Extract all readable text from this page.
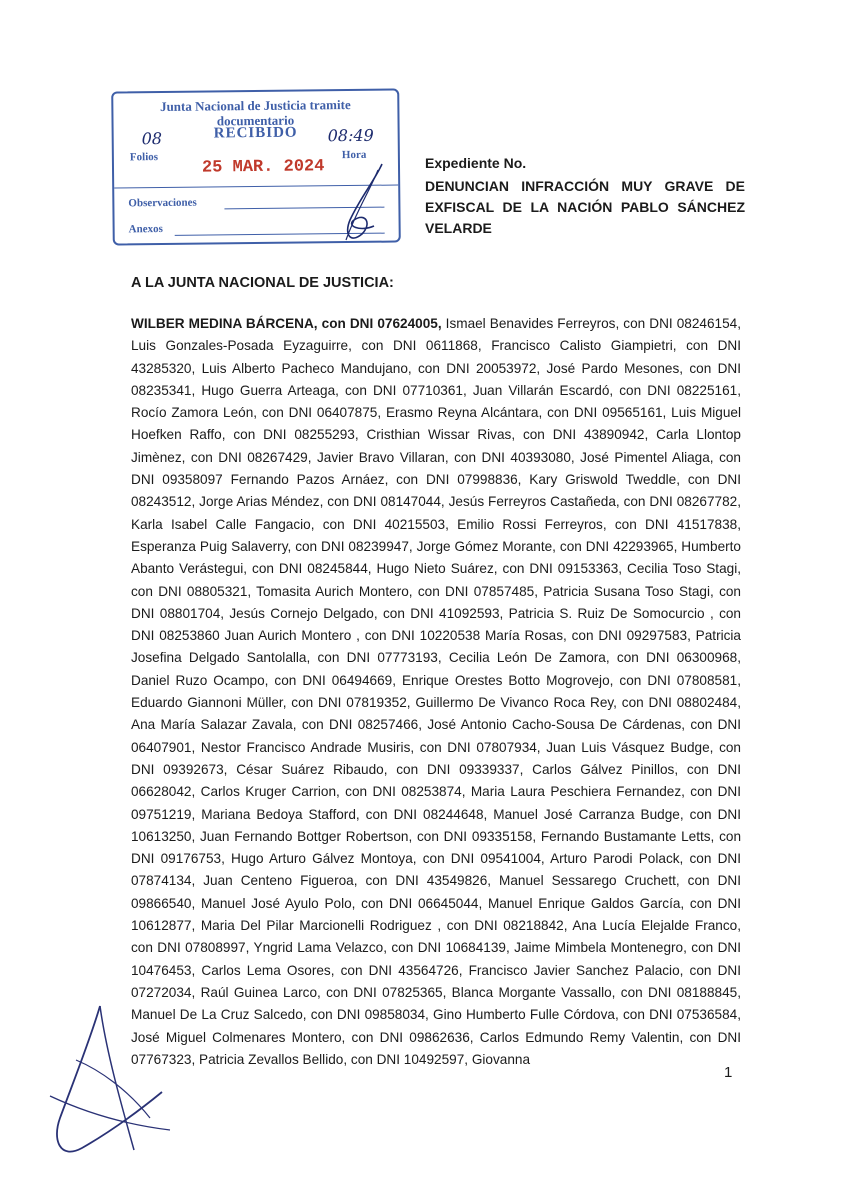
Junta Nacional de Justicia tramite
documentario
RECIBIDO
08	08:49
Folios
25 MAR. 2024
Hora
Observaciones
Anexos
Expediente No.
DENUNCIAN INFRACCIÓN MUY GRAVE DE EXFISCAL DE LA NACIÓN PABLO SÁNCHEZ VELARDE
A LA JUNTA NACIONAL DE JUSTICIA:
WILBER MEDINA BÁRCENA, con DNI 07624005, Ismael Benavides Ferreyros, con DNI 08246154, Luis Gonzales-Posada Eyzaguirre, con DNI 0611868, Francisco Calisto Giampietri, con DNI 43285320, Luis Alberto Pacheco Mandujano, con DNI 20053972, José Pardo Mesones, con DNI 08235341, Hugo Guerra Arteaga, con DNI 07710361, Juan Villarán Escardó, con DNI 08225161, Rocío Zamora León, con DNI 06407875, Erasmo Reyna Alcántara, con DNI 09565161, Luis Miguel Hoefken Raffo, con DNI 08255293, Cristhian Wissar Rivas, con DNI 43890942, Carla Llontop Jimènez, con DNI 08267429, Javier Bravo Villaran, con DNI 40393080, José Pimentel Aliaga, con DNI 09358097 Fernando Pazos Arnáez, con DNI 07998836, Kary Griswold Tweddle, con DNI 08243512, Jorge Arias Méndez, con DNI 08147044, Jesús Ferreyros Castañeda, con DNI 08267782, Karla Isabel Calle Fangacio, con DNI 40215503, Emilio Rossi Ferreyros, con DNI 41517838, Esperanza Puig Salaverry, con DNI 08239947, Jorge Gómez Morante, con DNI 42293965, Humberto Abanto Verástegui, con DNI 08245844, Hugo Nieto Suárez, con DNI 09153363, Cecilia Toso Stagi, con DNI 08805321, Tomasita Aurich Montero, con DNI 07857485, Patricia Susana Toso Stagi, con DNI 08801704, Jesús Cornejo Delgado, con DNI 41092593, Patricia S. Ruiz De Somocurcio , con DNI 08253860 Juan Aurich Montero , con DNI 10220538 María Rosas, con DNI 09297583, Patricia Josefina Delgado Santolalla, con DNI 07773193, Cecilia León De Zamora, con DNI 06300968, Daniel Ruzo Ocampo, con DNI 06494669, Enrique Orestes Botto Mogrovejo, con DNI 07808581, Eduardo Giannoni Müller, con DNI 07819352, Guillermo De Vivanco Roca Rey, con DNI 08802484, Ana María Salazar Zavala, con DNI 08257466, José Antonio Cacho-Sousa De Cárdenas, con DNI 06407901, Nestor Francisco Andrade Musiris, con DNI 07807934, Juan Luis Vásquez Budge, con DNI 09392673, César Suárez Ribaudo, con DNI 09339337, Carlos Gálvez Pinillos, con DNI 06628042, Carlos Kruger Carrion, con DNI 08253874, Maria Laura Peschiera Fernandez, con DNI 09751219, Mariana Bedoya Stafford, con DNI 08244648, Manuel José Carranza Budge, con DNI 10613250, Juan Fernando Bottger Robertson, con DNI 09335158, Fernando Bustamante Letts, con DNI 09176753, Hugo Arturo Gálvez Montoya, con DNI 09541004, Arturo Parodi Polack, con DNI 07874134, Juan Centeno Figueroa, con DNI 43549826, Manuel Sessarego Cruchett, con DNI 09866540, Manuel José Ayulo Polo, con DNI 06645044, Manuel Enrique Galdos García, con DNI 10612877, Maria Del Pilar Marcionelli Rodriguez , con DNI 08218842, Ana Lucía Elejalde Franco, con DNI 07808997, Yngrid Lama Velazco, con DNI 10684139, Jaime Mimbela Montenegro, con DNI 10476453, Carlos Lema Osores, con DNI 43564726, Francisco Javier Sanchez Palacio, con DNI 07272034, Raúl Guinea Larco, con DNI 07825365, Blanca Morgante Vassallo, con DNI 08188845, Manuel De La Cruz Salcedo, con DNI 09858034, Gino Humberto Fulle Córdova, con DNI 07536584, José Miguel Colmenares Montero, con DNI 09862636, Carlos Edmundo Remy Valentin, con DNI 07767323, Patricia Zevallos Bellido, con DNI 10492597, Giovanna
1
